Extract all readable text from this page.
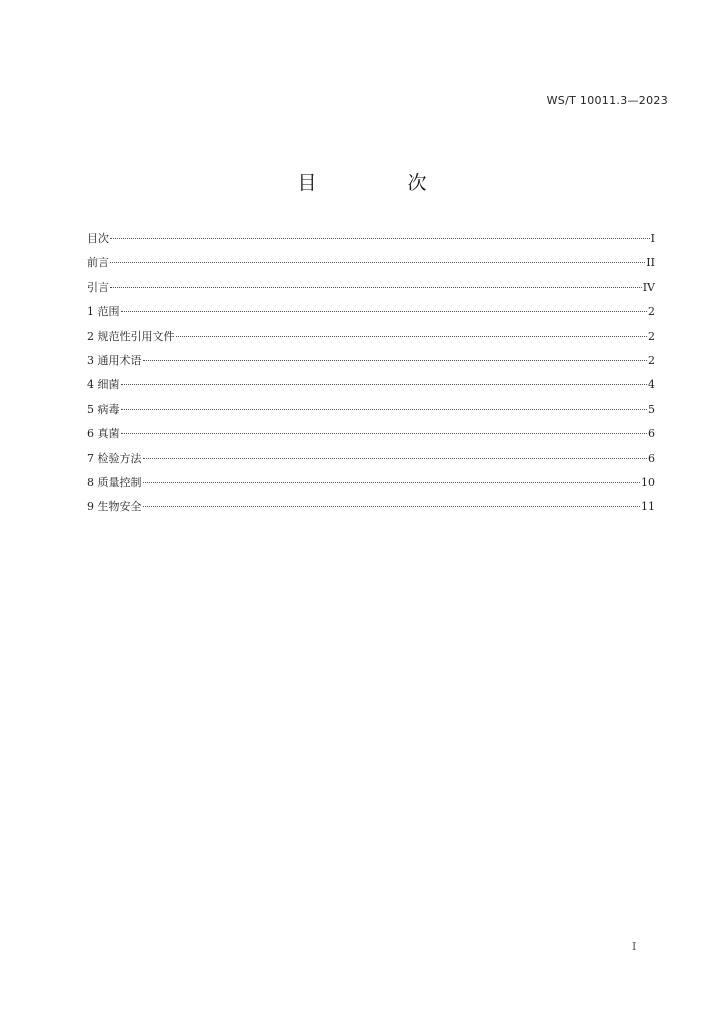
WS/T 10011.3—2023
目　次
目次	I
前言	II
引言	IV
1 范围	2
2 规范性引用文件	2
3 通用术语	2
4 细菌	4
5 病毒	5
6 真菌	6
7 检验方法	6
8 质量控制	10
9 生物安全	11
I
